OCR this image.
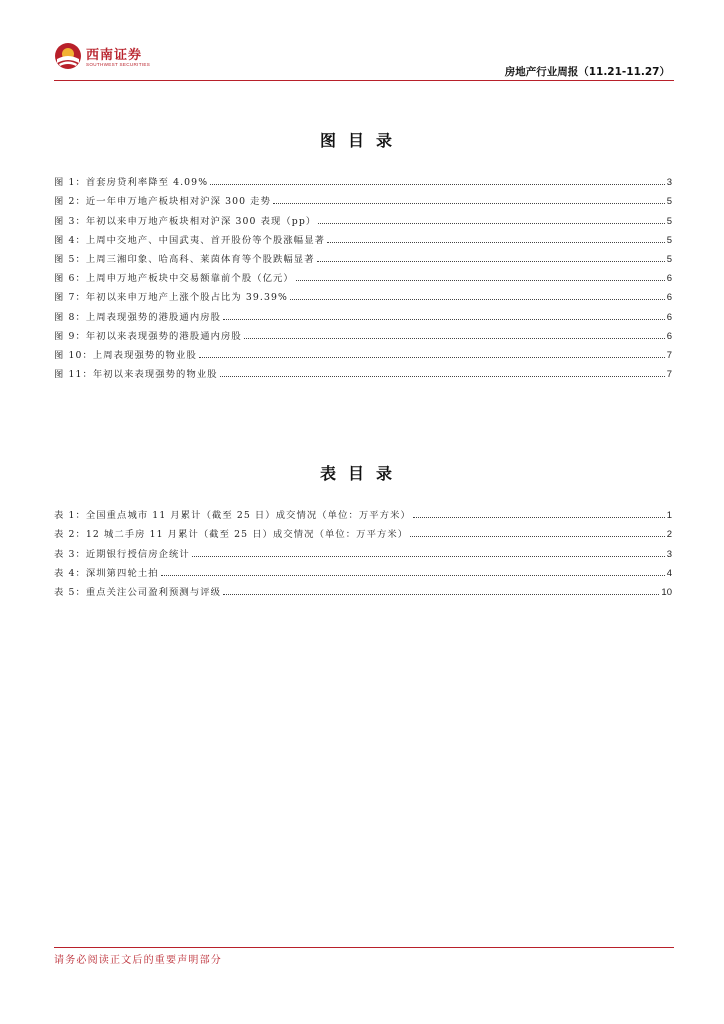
西南证券
SOUTHWEST SECURITIES
房地产行业周报（11.21-11.27）
图目录
图 1：首套房贷利率降至 4.09%	3
图 2：近一年申万地产板块相对沪深 300 走势	5
图 3：年初以来申万地产板块相对沪深 300 表现（pp）	5
图 4：上周中交地产、中国武夷、首开股份等个股涨幅显著	5
图 5：上周三湘印象、哈高科、莱茵体育等个股跌幅显著	5
图 6：上周申万地产板块中交易额靠前个股（亿元）	6
图 7：年初以来申万地产上涨个股占比为 39.39%	6
图 8：上周表现强势的港股通内房股	6
图 9：年初以来表现强势的港股通内房股	6
图 10：上周表现强势的物业股	7
图 11：年初以来表现强势的物业股	7
表目录
表 1：全国重点城市 11 月累计（截至 25 日）成交情况（单位：万平方米）	1
表 2：12 城二手房 11 月累计（截至 25 日）成交情况（单位：万平方米）	2
表 3：近期银行授信房企统计	3
表 4：深圳第四轮土拍	4
表 5：重点关注公司盈利预测与评级	10
请务必阅读正文后的重要声明部分
